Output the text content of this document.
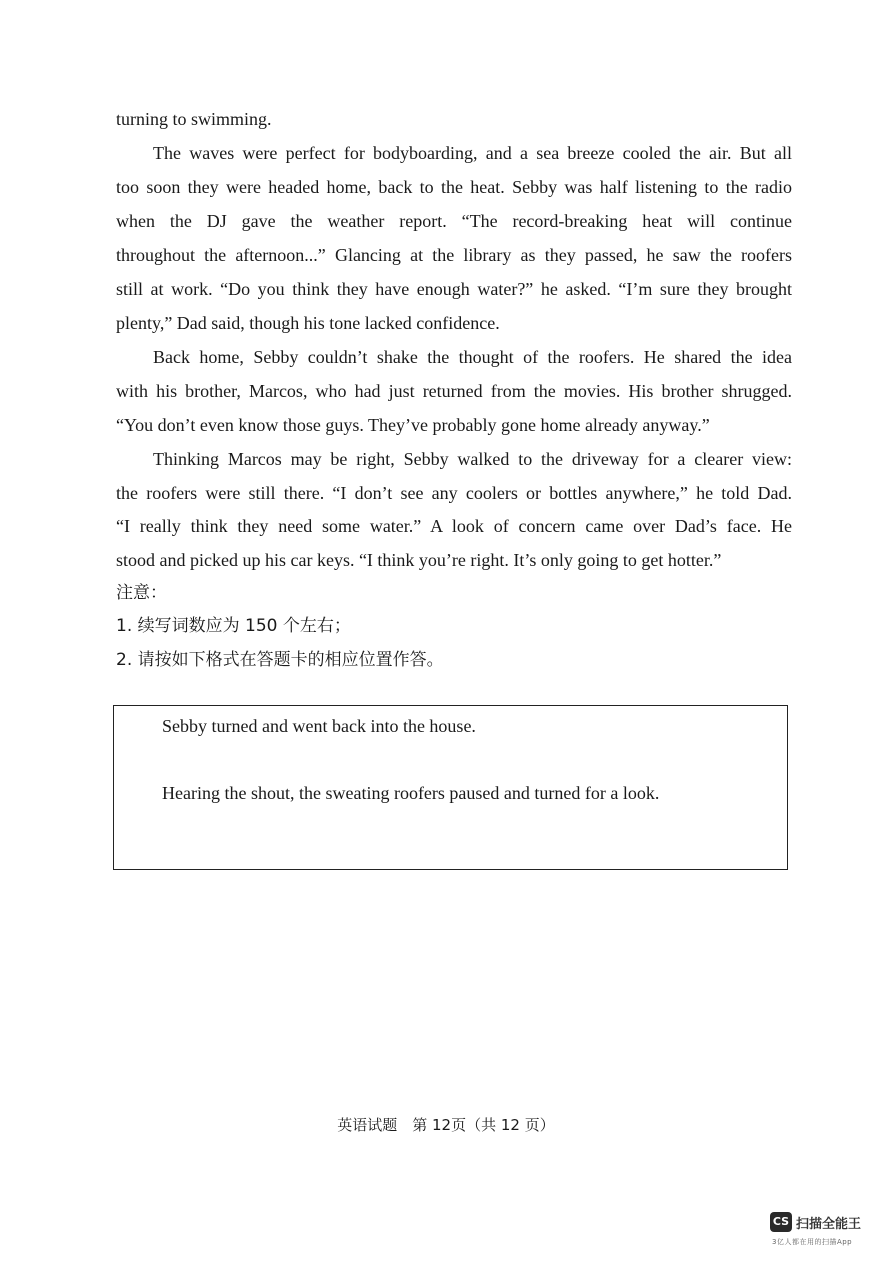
turning to swimming.
The waves were perfect for bodyboarding, and a sea breeze cooled the air. But all
too soon they were headed home, back to the heat. Sebby was half listening to the radio
when the DJ gave the weather report. “The record-breaking heat will continue
throughout the afternoon...” Glancing at the library as they passed, he saw the roofers
still at work. “Do you think they have enough water?” he asked. “I’m sure they brought
plenty,” Dad said, though his tone lacked confidence.
Back home, Sebby couldn’t shake the thought of the roofers. He shared the idea
with his brother, Marcos, who had just returned from the movies. His brother shrugged.
“You don’t even know those guys. They’ve probably gone home already anyway.”
Thinking Marcos may be right, Sebby walked to the driveway for a clearer view:
the roofers were still there. “I don’t see any coolers or bottles anywhere,” he told Dad.
“I really think they need some water.” A look of concern came over Dad’s face. He
stood and picked up his car keys. “I think you’re right. It’s only going to get hotter.”
注意：
1. 续写词数应为 150 个左右；
2. 请按如下格式在答题卡的相应位置作答。
Sebby turned and went back into the house.
Hearing the shout, the sweating roofers paused and turned for a look.
英语试题　第 12页（共 12 页）
CS 扫描全能王
3亿人都在用的扫描App
